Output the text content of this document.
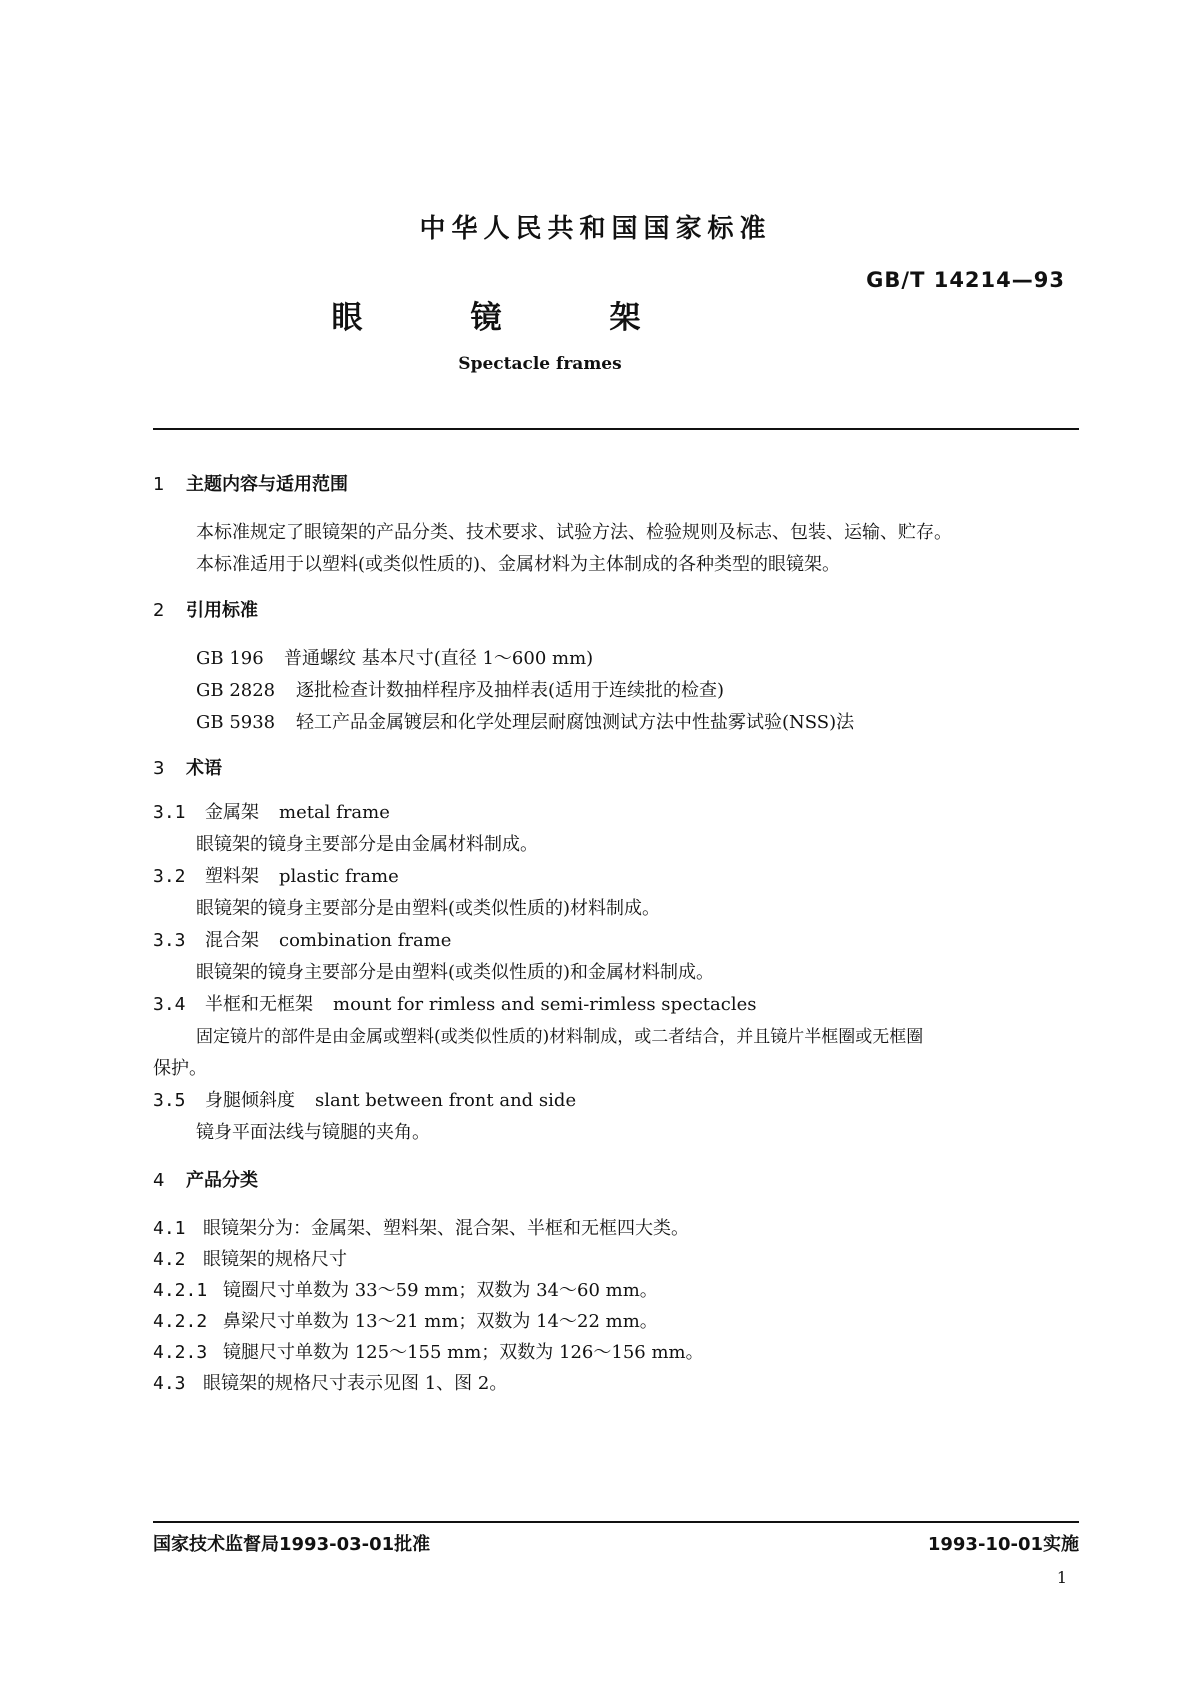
中华人民共和国国家标准
GB/T 14214—93
眼镜架
Spectacle frames
1 主题内容与适用范围
本标准规定了眼镜架的产品分类、技术要求、试验方法、检验规则及标志、包装、运输、贮存。
本标准适用于以塑料(或类似性质的)、金属材料为主体制成的各种类型的眼镜架。
2 引用标准
GB 196 普通螺纹 基本尺寸(直径 1～600 mm)
GB 2828 逐批检查计数抽样程序及抽样表(适用于连续批的检查)
GB 5938 轻工产品金属镀层和化学处理层耐腐蚀测试方法中性盐雾试验(NSS)法
3 术语
3.1 金属架 metal frame
眼镜架的镜身主要部分是由金属材料制成。
3.2 塑料架 plastic frame
眼镜架的镜身主要部分是由塑料(或类似性质的)材料制成。
3.3 混合架 combination frame
眼镜架的镜身主要部分是由塑料(或类似性质的)和金属材料制成。
3.4 半框和无框架 mount for rimless and semi-rimless spectacles
固定镜片的部件是由金属或塑料(或类似性质的)材料制成，或二者结合，并且镜片半框圈或无框圈
保护。
3.5 身腿倾斜度 slant between front and side
镜身平面法线与镜腿的夹角。
4 产品分类
4.1 眼镜架分为：金属架、塑料架、混合架、半框和无框四大类。
4.2 眼镜架的规格尺寸
4.2.1 镜圈尺寸单数为 33～59 mm；双数为 34～60 mm。
4.2.2 鼻梁尺寸单数为 13～21 mm；双数为 14～22 mm。
4.2.3 镜腿尺寸单数为 125～155 mm；双数为 126～156 mm。
4.3 眼镜架的规格尺寸表示见图 1、图 2。
国家技术监督局1993-03-01批准	1993-10-01实施
1
